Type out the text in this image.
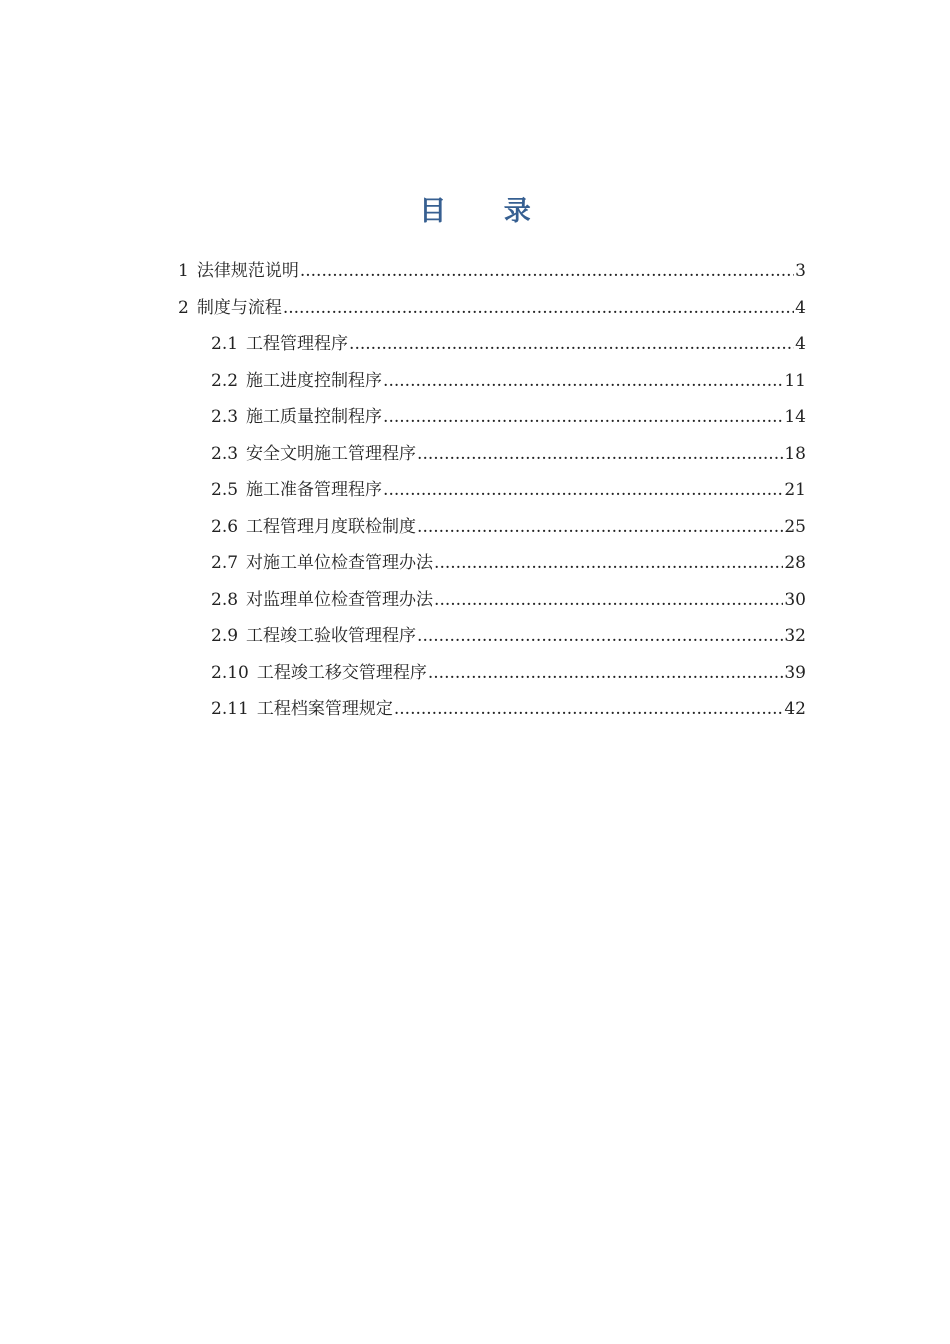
目 录
1 法律规范说明 .....	3
2 制度与流程 .....	4
2.1 工程管理程序 .....	4
2.2 施工进度控制程序 .....	11
2.3 施工质量控制程序 .....	14
2.3 安全文明施工管理程序 .....	18
2.5 施工准备管理程序 .....	21
2.6 工程管理月度联检制度 .....	25
2.7 对施工单位检查管理办法 .....	28
2.8 对监理单位检查管理办法 .....	30
2.9 工程竣工验收管理程序 .....	32
2.10 工程竣工移交管理程序 .....	39
2.11 工程档案管理规定 .....	42
